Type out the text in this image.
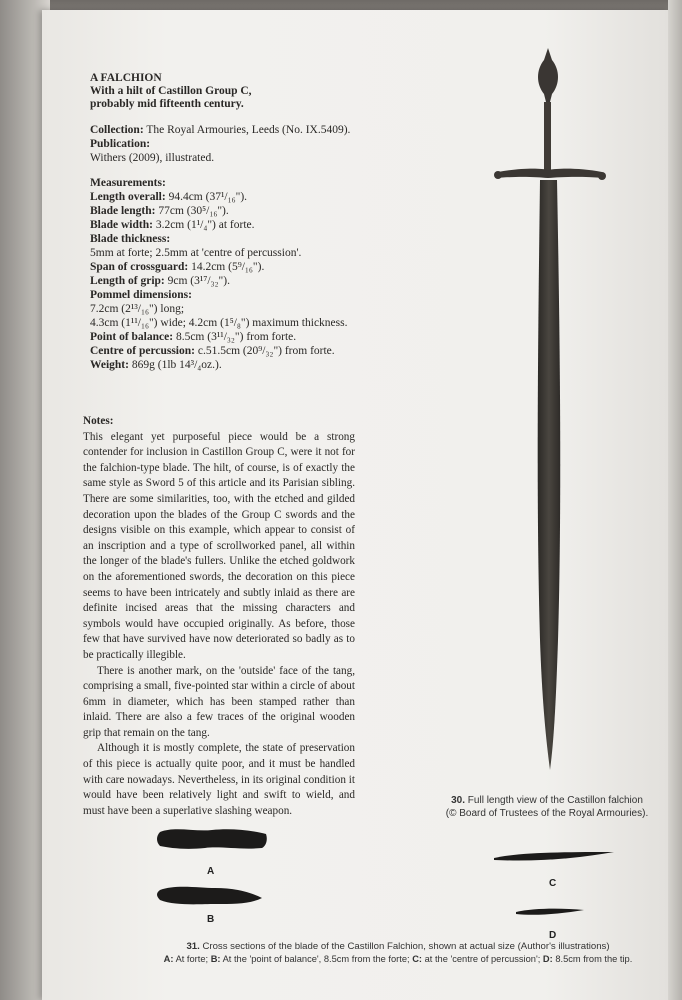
A FALCHION
With a hilt of Castillon Group C,
probably mid fifteenth century.
Collection: The Royal Armouries, Leeds (No. IX.5409).
Publication:
Withers (2009), illustrated.
Measurements:
Length overall: 94.4cm (37¹/₁₆").
Blade length: 77cm (30⁵/₁₆").
Blade width: 3.2cm (1¹/₄") at forte.
Blade thickness:
5mm at forte; 2.5mm at 'centre of percussion'.
Span of crossguard: 14.2cm (5⁹/₁₆").
Length of grip: 9cm (3¹⁷/₃₂").
Pommel dimensions:
7.2cm (2¹³/₁₆") long;
4.3cm (1¹¹/₁₆") wide; 4.2cm (1⁵/₈") maximum thickness.
Point of balance: 8.5cm (3¹¹/₃₂") from forte.
Centre of percussion: c.51.5cm (20⁹/₃₂") from forte.
Weight: 869g (1lb 14³/₄oz.).
Notes:

This elegant yet purposeful piece would be a strong contender for inclusion in Castillon Group C, were it not for the falchion-type blade. The hilt, of course, is of exactly the same style as Sword 5 of this article and its Parisian sibling. There are some similarities, too, with the etched and gilded decoration upon the blades of the Group C swords and the designs visible on this example, which appear to consist of an inscription and a type of scrollworked panel, all within the longer of the blade's fullers. Unlike the etched goldwork on the aforementioned swords, the decoration on this piece seems to have been intricately and subtly inlaid as there are definite incised areas that the missing characters and symbols would have occupied originally. As before, those few that have survived have now deteriorated so badly as to be practically illegible.

There is another mark, on the 'outside' face of the tang, comprising a small, five-pointed star within a circle of about 6mm in diameter, which has been stamped rather than inlaid. There are also a few traces of the original wooden grip that remain on the tang.

Although it is mostly complete, the state of preservation of this piece is actually quite poor, and it must be handled with care nowadays. Nevertheless, in its original condition it would have been relatively light and swift to wield, and must have been a superlative slashing weapon.

30. Full length view of the Castillon falchion
(© Board of Trustees of the Royal Armouries).
A
B
C
D
31. Cross sections of the blade of the Castillon Falchion, shown at actual size (Author's illustrations)
A: At forte; B: At the 'point of balance', 8.5cm from the forte; C: at the 'centre of percussion'; D: 8.5cm from the tip.
